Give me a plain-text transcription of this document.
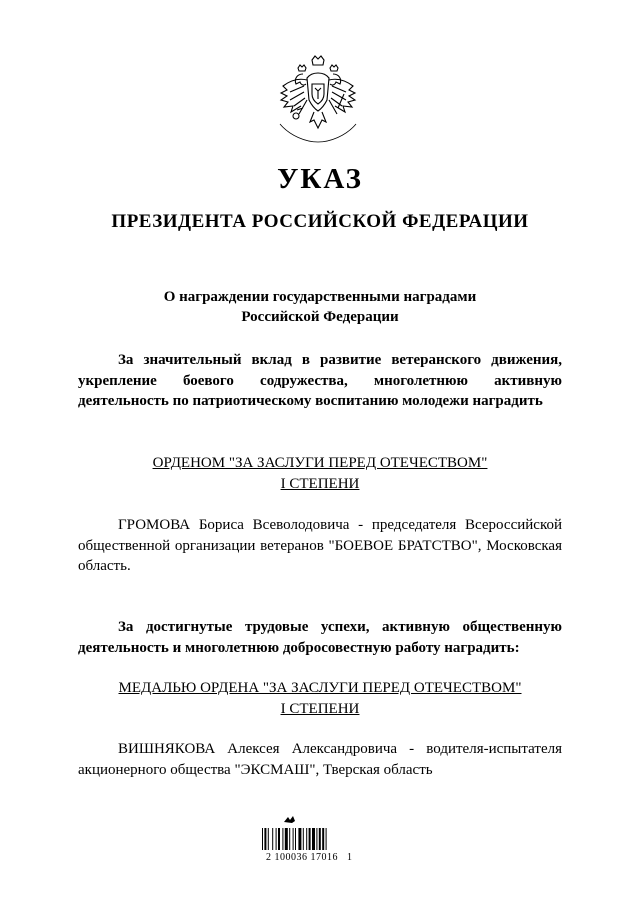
УКАЗ
ПРЕЗИДЕНТА РОССИЙСКОЙ ФЕДЕРАЦИИ
О награждении государственными наградами
Российской Федерации
За значительный вклад в развитие ветеранского движения, укрепление боевого содружества, многолетнюю активную деятельность по патриотическому воспитанию молодежи наградить
ОРДЕНОМ "ЗА ЗАСЛУГИ ПЕРЕД ОТЕЧЕСТВОМ"
I СТЕПЕНИ
ГРОМОВА Бориса Всеволодовича - председателя Всероссийской общественной организации ветеранов "БОЕВОЕ БРАТСТВО", Московская область.
За достигнутые трудовые успехи, активную общественную деятельность и многолетнюю добросовестную работу наградить:
МЕДАЛЬЮ ОРДЕНА "ЗА ЗАСЛУГИ ПЕРЕД ОТЕЧЕСТВОМ"
I СТЕПЕНИ
ВИШНЯКОВА Алексея Александровича - водителя-испытателя акционерного общества "ЭКСМАШ", Тверская область
2 100036 17016   1
